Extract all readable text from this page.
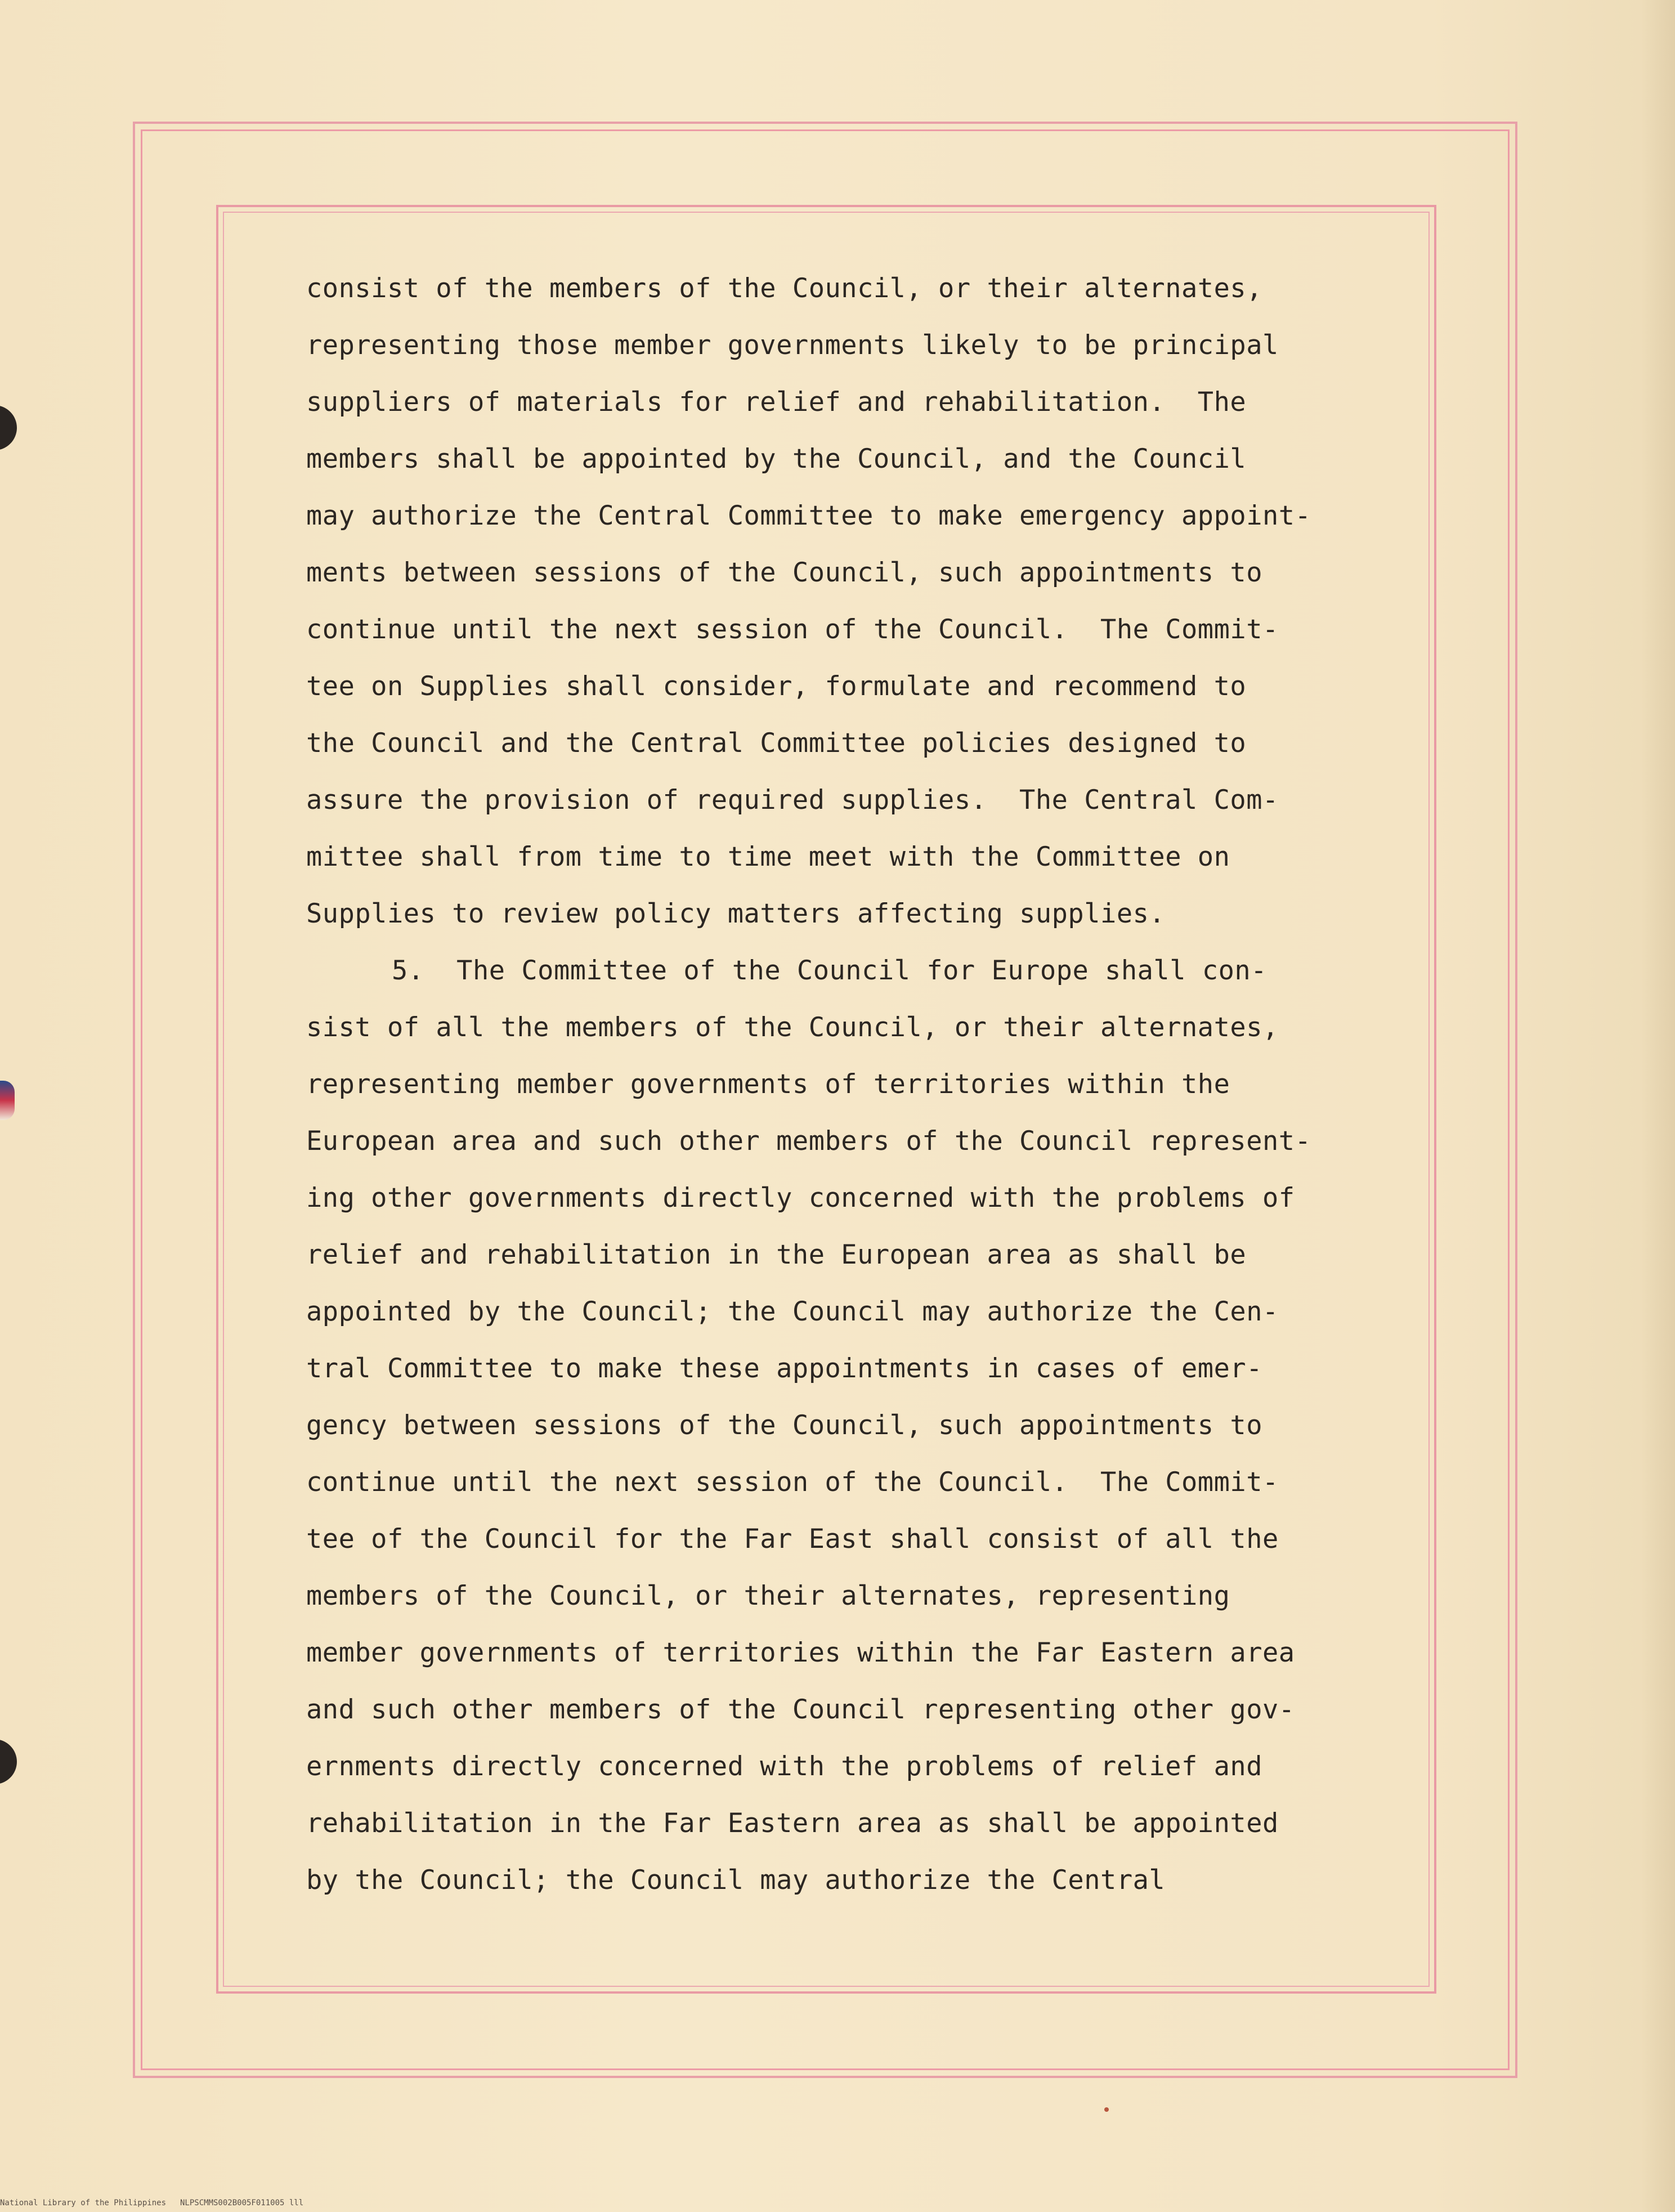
consist of the members of the Council, or their alternates,
representing those member governments likely to be principal
suppliers of materials for relief and rehabilitation.  The
members shall be appointed by the Council, and the Council
may authorize the Central Committee to make emergency appoint-
ments between sessions of the Council, such appointments to
continue until the next session of the Council.  The Commit-
tee on Supplies shall consider, formulate and recommend to
the Council and the Central Committee policies designed to
assure the provision of required supplies.  The Central Com-
mittee shall from time to time meet with the Committee on
Supplies to review policy matters affecting supplies.
5.  The Committee of the Council for Europe shall con-
sist of all the members of the Council, or their alternates,
representing member governments of territories within the
European area and such other members of the Council represent-
ing other governments directly concerned with the problems of
relief and rehabilitation in the European area as shall be
appointed by the Council; the Council may authorize the Cen-
tral Committee to make these appointments in cases of emer-
gency between sessions of the Council, such appointments to
continue until the next session of the Council.  The Commit-
tee of the Council for the Far East shall consist of all the
members of the Council, or their alternates, representing
member governments of territories within the Far Eastern area
and such other members of the Council representing other gov-
ernments directly concerned with the problems of relief and
rehabilitation in the Far Eastern area as shall be appointed
by the Council; the Council may authorize the Central
National Library of the Philippines NLPSCMMS002B005F011005 lll
